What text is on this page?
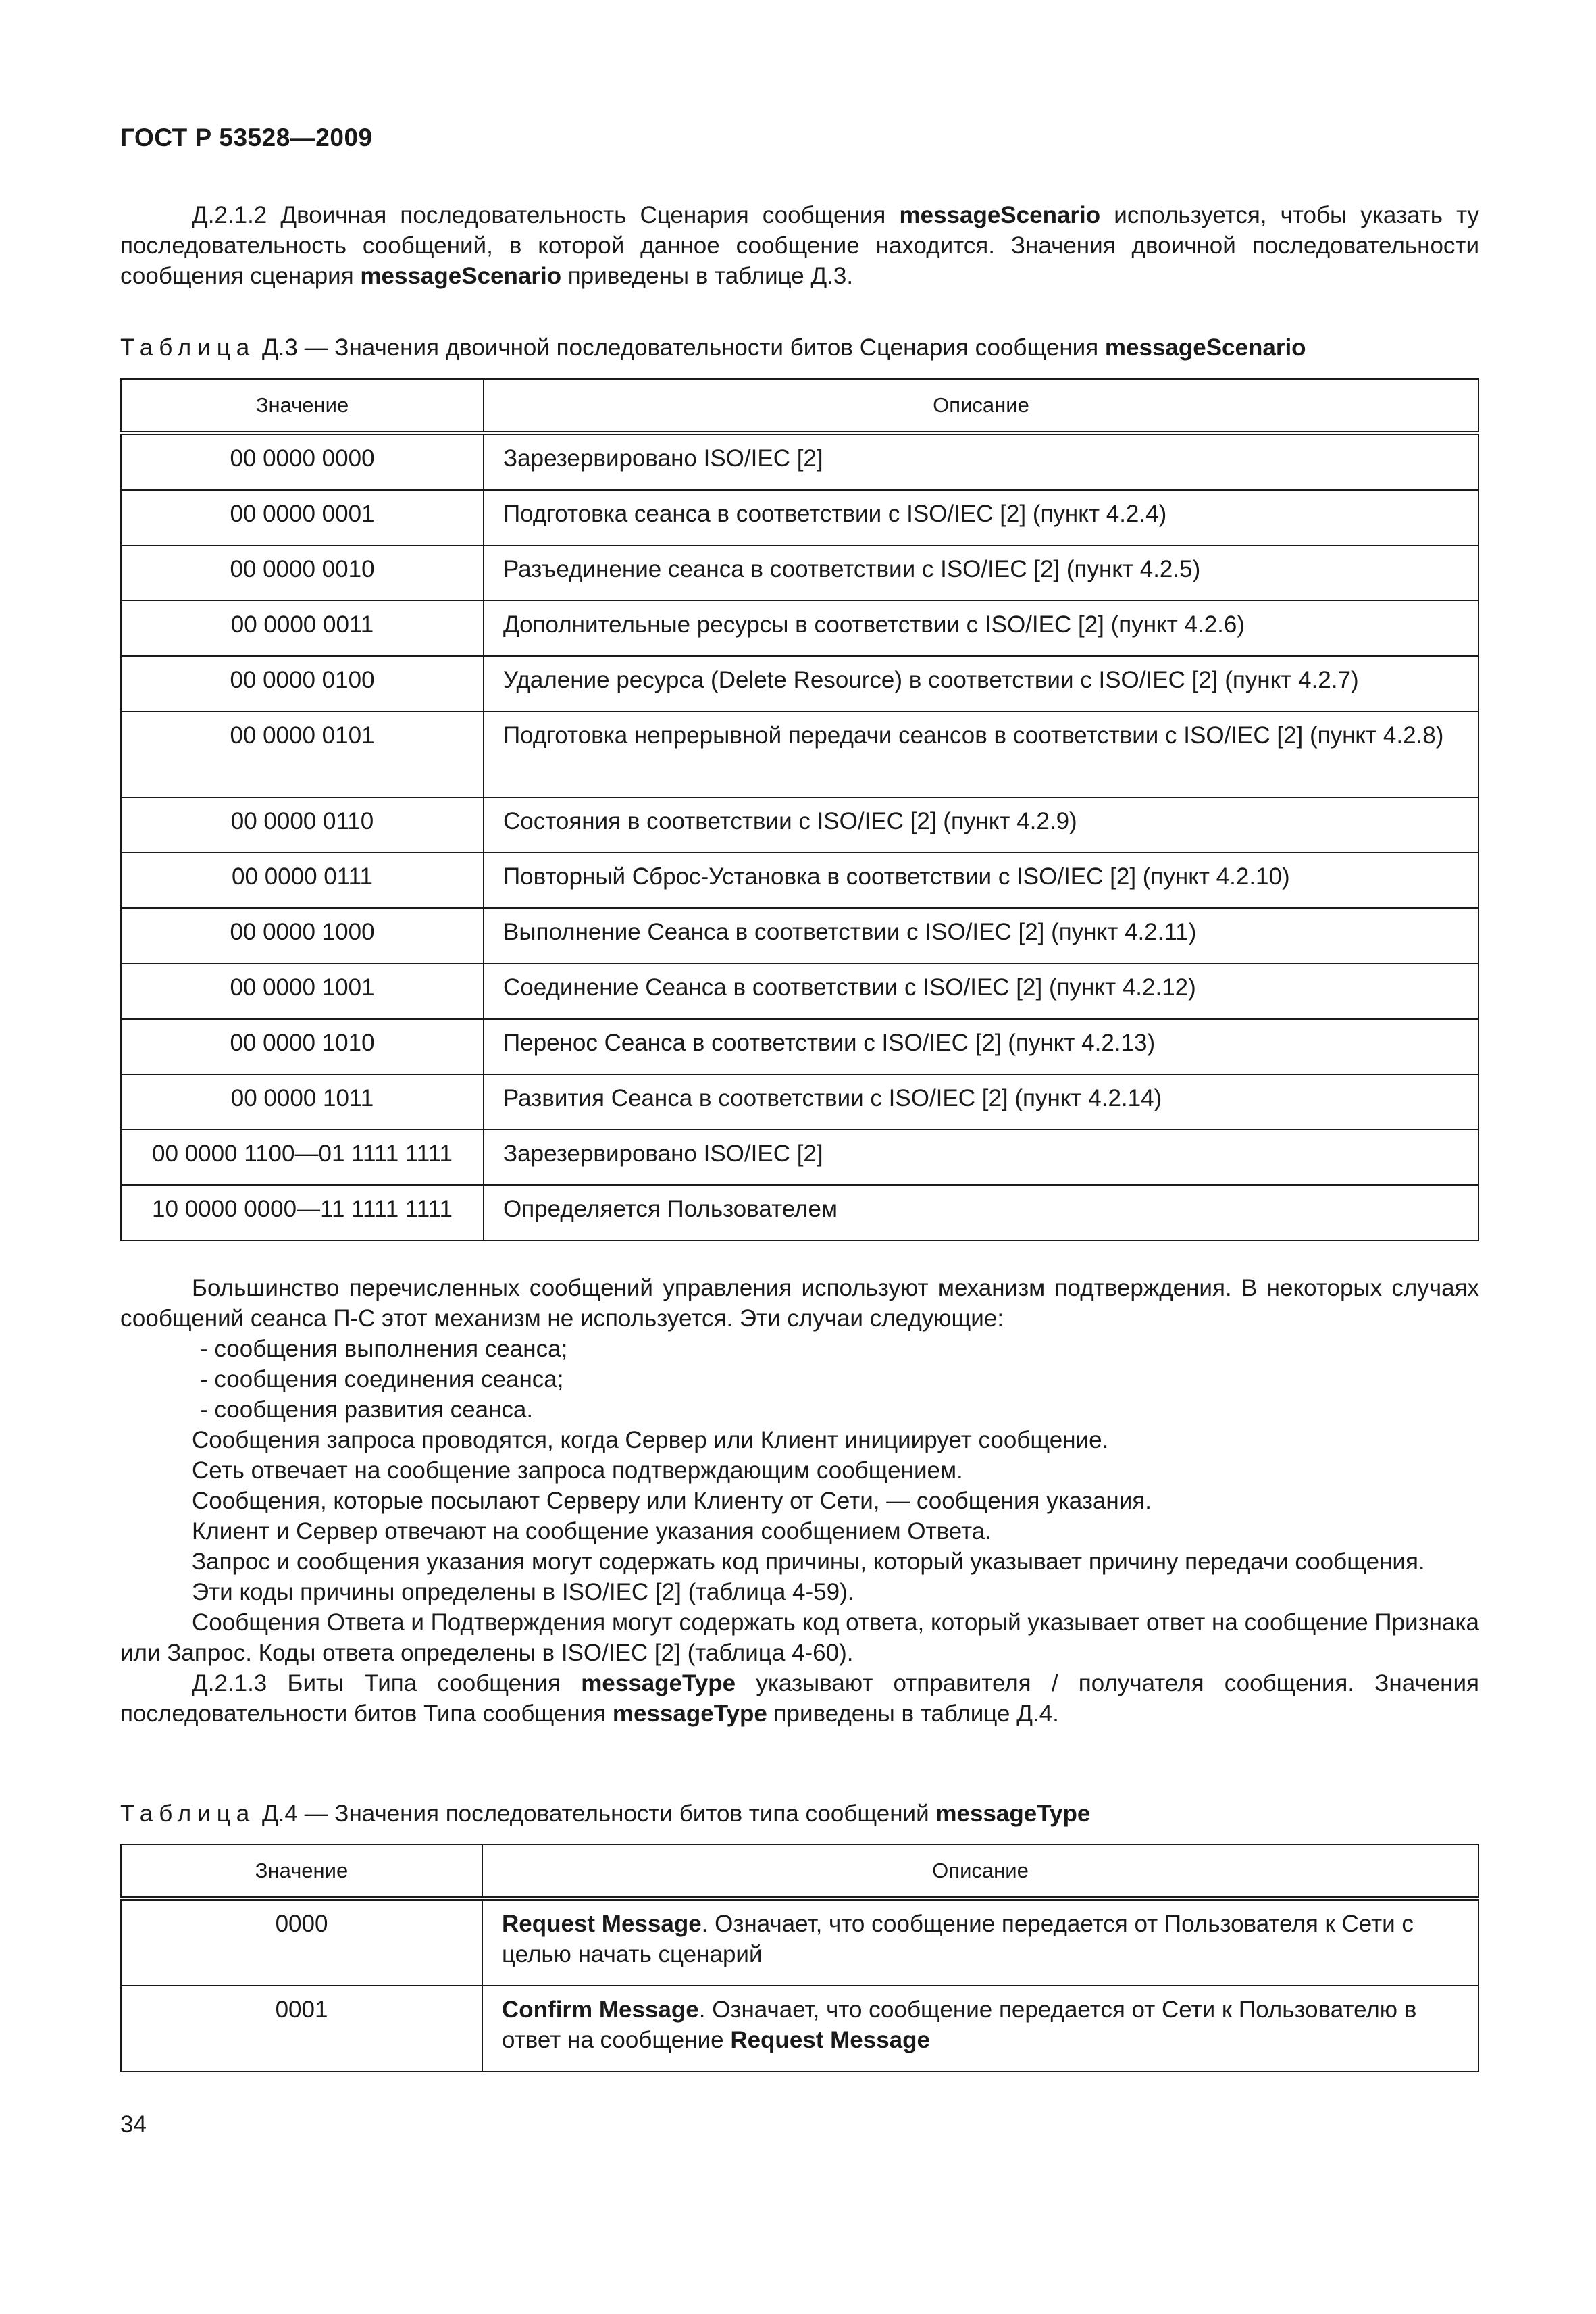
ГОСТ Р 53528—2009

Д.2.1.2 Двоичная последовательность Сценария сообщения messageScenario используется, чтобы указать ту последовательность сообщений, в которой данное сообщение находится. Значения двоичной последовательности сообщения сценария messageScenario приведены в таблице Д.3.

Таблица Д.3 — Значения двоичной последовательности битов Сценария сообщения messageScenario
Значение	Описание
00 0000 0000	Зарезервировано ISO/IEC [2]
00 0000 0001	Подготовка сеанса в соответствии с ISO/IEC [2] (пункт 4.2.4)
00 0000 0010	Разъединение сеанса в соответствии с ISO/IEC [2] (пункт 4.2.5)
00 0000 0011	Дополнительные ресурсы в соответствии с ISO/IEC [2] (пункт 4.2.6)
00 0000 0100	Удаление ресурса (Delete Resource) в соответствии с ISO/IEC [2] (пункт 4.2.7)
00 0000 0101	Подготовка непрерывной передачи сеансов в соответствии с ISO/IEC [2] (пункт 4.2.8)
00 0000 0110	Состояния в соответствии с ISO/IEC [2] (пункт 4.2.9)
00 0000 0111	Повторный Сброс-Установка в соответствии с ISO/IEC [2] (пункт 4.2.10)
00 0000 1000	Выполнение Сеанса в соответствии с ISO/IEC [2] (пункт 4.2.11)
00 0000 1001	Соединение Сеанса в соответствии с ISO/IEC [2] (пункт 4.2.12)
00 0000 1010	Перенос Сеанса в соответствии с ISO/IEC [2] (пункт 4.2.13)
00 0000 1011	Развития Сеанса в соответствии с ISO/IEC [2] (пункт 4.2.14)
00 0000 1100—01 1111 1111	Зарезервировано ISO/IEC [2]
10 0000 0000—11 1111 1111	Определяется Пользователем

Большинство перечисленных сообщений управления используют механизм подтверждения. В некоторых случаях сообщений сеанса П-С этот механизм не используется. Эти случаи следующие:

- сообщения выполнения сеанса;

- сообщения соединения сеанса;

- сообщения развития сеанса.

Сообщения запроса проводятся, когда Сервер или Клиент инициирует сообщение.

Сеть отвечает на сообщение запроса подтверждающим сообщением.

Сообщения, которые посылают Серверу или Клиенту от Сети, — сообщения указания.

Клиент и Сервер отвечают на сообщение указания сообщением Ответа.

Запрос и сообщения указания могут содержать код причины, который указывает причину передачи сообщения.

Эти коды причины определены в ISO/IEC [2] (таблица 4-59).

Сообщения Ответа и Подтверждения могут содержать код ответа, который указывает ответ на сообщение Признака или Запрос. Коды ответа определены в ISO/IEC [2] (таблица 4-60).

Д.2.1.3 Биты Типа сообщения messageType указывают отправителя / получателя сообщения. Значения последовательности битов Типа сообщения messageType приведены в таблице Д.4.

Таблица Д.4 — Значения последовательности битов типа сообщений messageType
Значение	Описание
0000	Request Message. Означает, что сообщение передается от Пользователя к Сети с целью начать сценарий
0001	Confirm Message. Означает, что сообщение передается от Сети к Пользователю в ответ на сообщение Request Message
34
